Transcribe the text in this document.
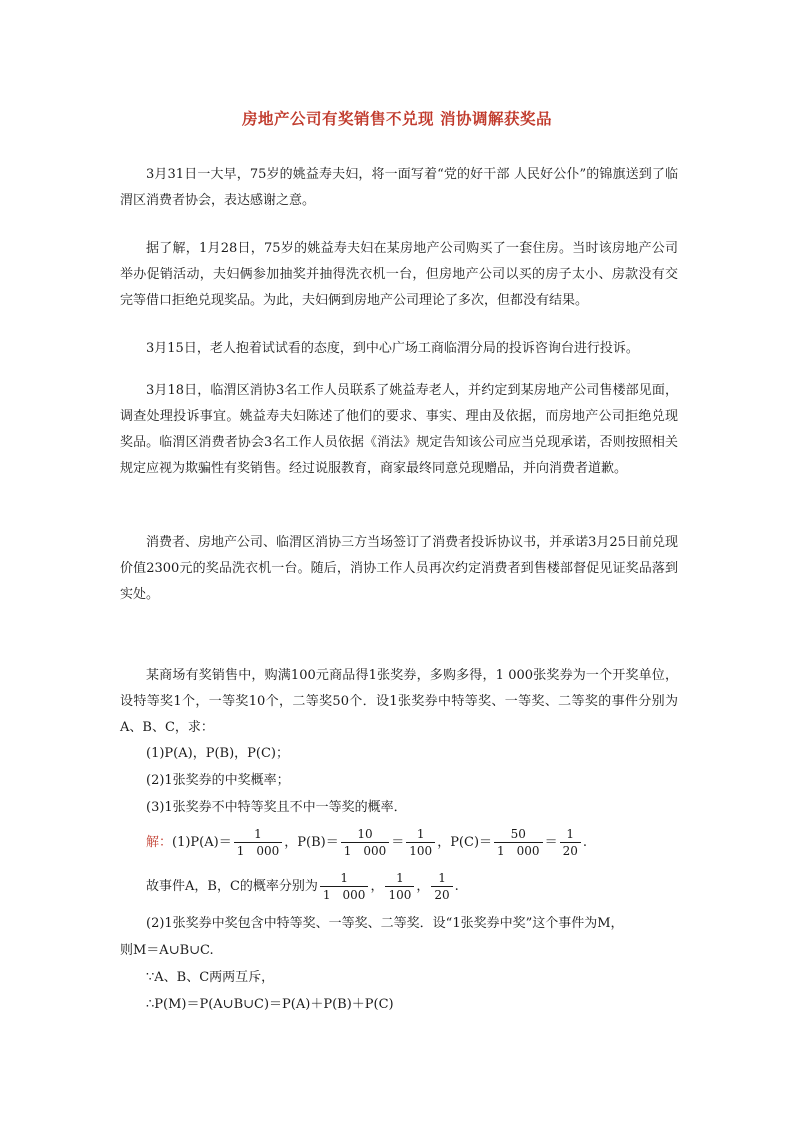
房地产公司有奖销售不兑现 消协调解获奖品

3月31日一大早，75岁的姚益寿夫妇，将一面写着“党的好干部 人民好公仆”的锦旗送到了临渭区消费者协会，表达感谢之意。

据了解，1月28日，75岁的姚益寿夫妇在某房地产公司购买了一套住房。当时该房地产公司举办促销活动，夫妇俩参加抽奖并抽得洗衣机一台，但房地产公司以买的房子太小、房款没有交完等借口拒绝兑现奖品。为此，夫妇俩到房地产公司理论了多次，但都没有结果。

3月15日，老人抱着试试看的态度，到中心广场工商临渭分局的投诉咨询台进行投诉。

3月18日，临渭区消协3名工作人员联系了姚益寿老人，并约定到某房地产公司售楼部见面，调查处理投诉事宜。姚益寿夫妇陈述了他们的要求、事实、理由及依据，而房地产公司拒绝兑现奖品。临渭区消费者协会3名工作人员依据《消法》规定告知该公司应当兑现承诺，否则按照相关规定应视为欺骗性有奖销售。经过说服教育，商家最终同意兑现赠品，并向消费者道歉。

消费者、房地产公司、临渭区消协三方当场签订了消费者投诉协议书，并承诺3月25日前兑现价值2300元的奖品洗衣机一台。随后，消协工作人员再次约定消费者到售楼部督促见证奖品落到实处。

某商场有奖销售中，购满100元商品得1张奖券，多购多得，1 000张奖券为一个开奖单位，设特等奖1个，一等奖10个，二等奖50个．设1张奖券中特等奖、一等奖、二等奖的事件分别为A、B、C，求：

(1)P(A)，P(B)，P(C)；

(2)1张奖券的中奖概率；

(3)1张奖券不中特等奖且不中一等奖的概率．

解：$(1)P(A)= \frac{1}{1 000}$ ，$P(B)= \frac{10}{1 000} = \frac{1}{100}$ ，$P(C)= \frac{50}{1 000} = \frac{1}{20}$ .
故事件A，B，C的概率分别为 $\frac{1}{1 000}$ ， $\frac{1}{100}$ ， $\frac{1}{20}$ .

(2)1张奖券中奖包含中特等奖、一等奖、二等奖．设“1张奖券中奖”这个事件为M，

则M＝A∪B∪C.

∵A、B、C两两互斥，

∴P(M)＝P(A∪B∪C)＝P(A)＋P(B)＋P(C)
